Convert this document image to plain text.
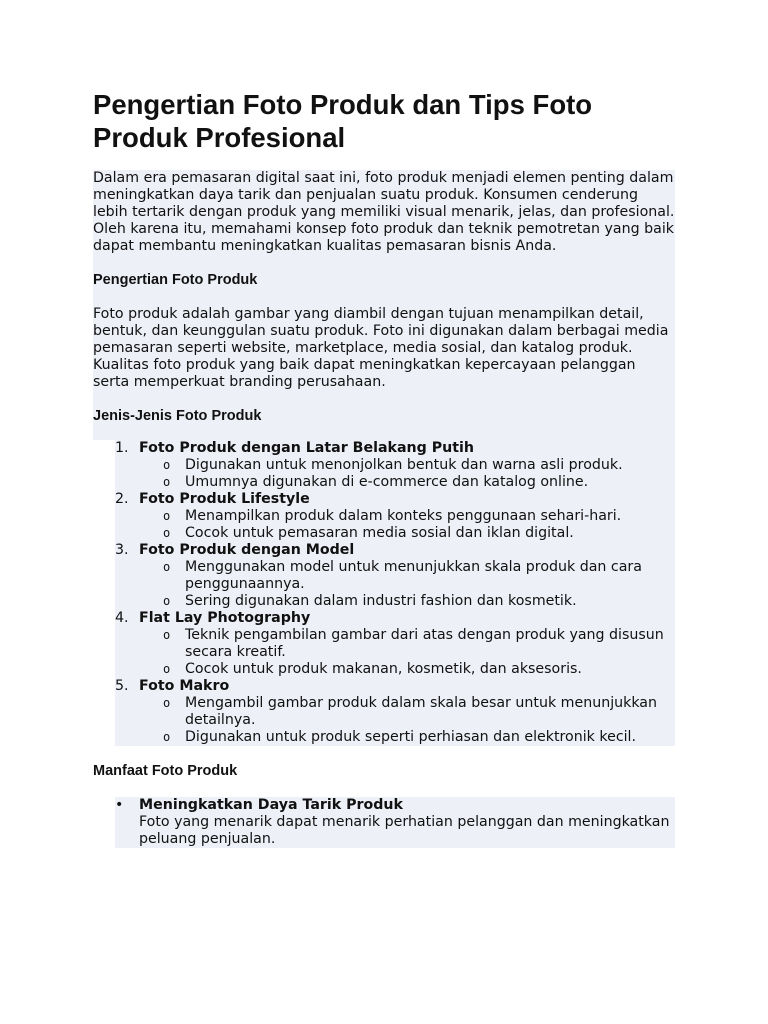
Pengertian Foto Produk dan Tips Foto
Produk Profesional

Dalam era pemasaran digital saat ini, foto produk menjadi elemen penting dalam meningkatkan daya tarik dan penjualan suatu produk. Konsumen cenderung lebih tertarik dengan produk yang memiliki visual menarik, jelas, dan profesional. Oleh karena itu, memahami konsep foto produk dan teknik pemotretan yang baik dapat membantu meningkatkan kualitas pemasaran bisnis Anda.

Pengertian Foto Produk

Foto produk adalah gambar yang diambil dengan tujuan menampilkan detail, bentuk, dan keunggulan suatu produk. Foto ini digunakan dalam berbagai media pemasaran seperti website, marketplace, media sosial, dan katalog produk. Kualitas foto produk yang baik dapat meningkatkan kepercayaan pelanggan serta memperkuat branding perusahaan.

Jenis-Jenis Foto Produk

1. Foto Produk dengan Latar Belakang Putih
o Digunakan untuk menonjolkan bentuk dan warna asli produk.
o Umumnya digunakan di e-commerce dan katalog online.
2. Foto Produk Lifestyle
o Menampilkan produk dalam konteks penggunaan sehari-hari.
o Cocok untuk pemasaran media sosial dan iklan digital.
3. Foto Produk dengan Model
o Menggunakan model untuk menunjukkan skala produk dan cara penggunaannya.
o Sering digunakan dalam industri fashion dan kosmetik.
4. Flat Lay Photography
o Teknik pengambilan gambar dari atas dengan produk yang disusun secara kreatif.
o Cocok untuk produk makanan, kosmetik, dan aksesoris.
5. Foto Makro
o Mengambil gambar produk dalam skala besar untuk menunjukkan detailnya.
o Digunakan untuk produk seperti perhiasan dan elektronik kecil.

Manfaat Foto Produk

• Meningkatkan Daya Tarik Produk
Foto yang menarik dapat menarik perhatian pelanggan dan meningkatkan peluang penjualan.
